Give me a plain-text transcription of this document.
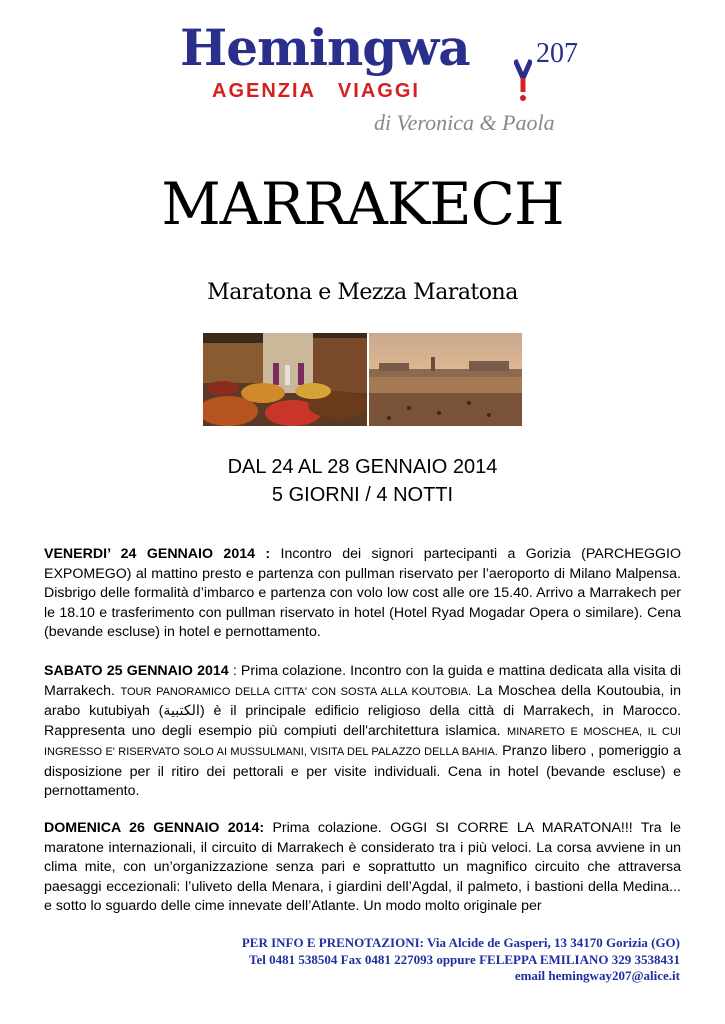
Hemingwa 207
AGENZIA   VIAGGI
di Veronica & Paola
MARRAKECH
Maratona e Mezza Maratona
DAL 24 AL 28 GENNAIO 2014
5 GIORNI / 4 NOTTI
VENERDI’ 24 GENNAIO 2014 : Incontro dei signori partecipanti a Gorizia (PARCHEGGIO EXPOMEGO) al mattino presto e partenza con pullman riservato per l’aeroporto di Milano Malpensa. Disbrigo delle formalità d’imbarco e partenza con volo low cost alle ore 15.40. Arrivo a Marrakech per le 18.10 e trasferimento con pullman riservato in hotel (Hotel Ryad Mogadar Opera o similare). Cena (bevande escluse) in hotel e pernottamento.
SABATO 25 GENNAIO 2014 : Prima colazione. Incontro con la guida e mattina dedicata alla visita di Marrakech. TOUR PANORAMICO DELLA CITTA' CON SOSTA ALLA KOUTOBIA. La Moschea della Koutoubia, in arabo kutubiyah (الكتبية) è il principale edificio religioso della città di Marrakech, in Marocco. Rappresenta uno degli esempio più compiuti dell'architettura islamica. MINARETO E MOSCHEA, IL CUI INGRESSO E' RISERVATO SOLO AI MUSSULMANI, VISITA DEL PALAZZO DELLA BAHIA. Pranzo libero , pomeriggio a disposizione per il ritiro dei pettorali e per visite individuali. Cena in hotel (bevande escluse) e pernottamento.
DOMENICA 26 GENNAIO 2014: Prima colazione. OGGI SI CORRE LA MARATONA!!! Tra le maratone internazionali, il circuito di Marrakech è considerato tra i più veloci. La corsa avviene in un clima mite, con un’organizzazione senza pari e soprattutto un magnifico circuito che attraversa paesaggi eccezionali: l’uliveto della Menara, i giardini dell’Agdal, il palmeto, i bastioni della Medina... e sotto lo sguardo delle cime innevate dell’Atlante. Un modo molto originale per
PER INFO E PRENOTAZIONI: Via Alcide de Gasperi, 13 34170 Gorizia (GO)
Tel 0481 538504 Fax 0481 227093 oppure FELEPPA EMILIANO 329 3538431
email hemingway207@alice.it
